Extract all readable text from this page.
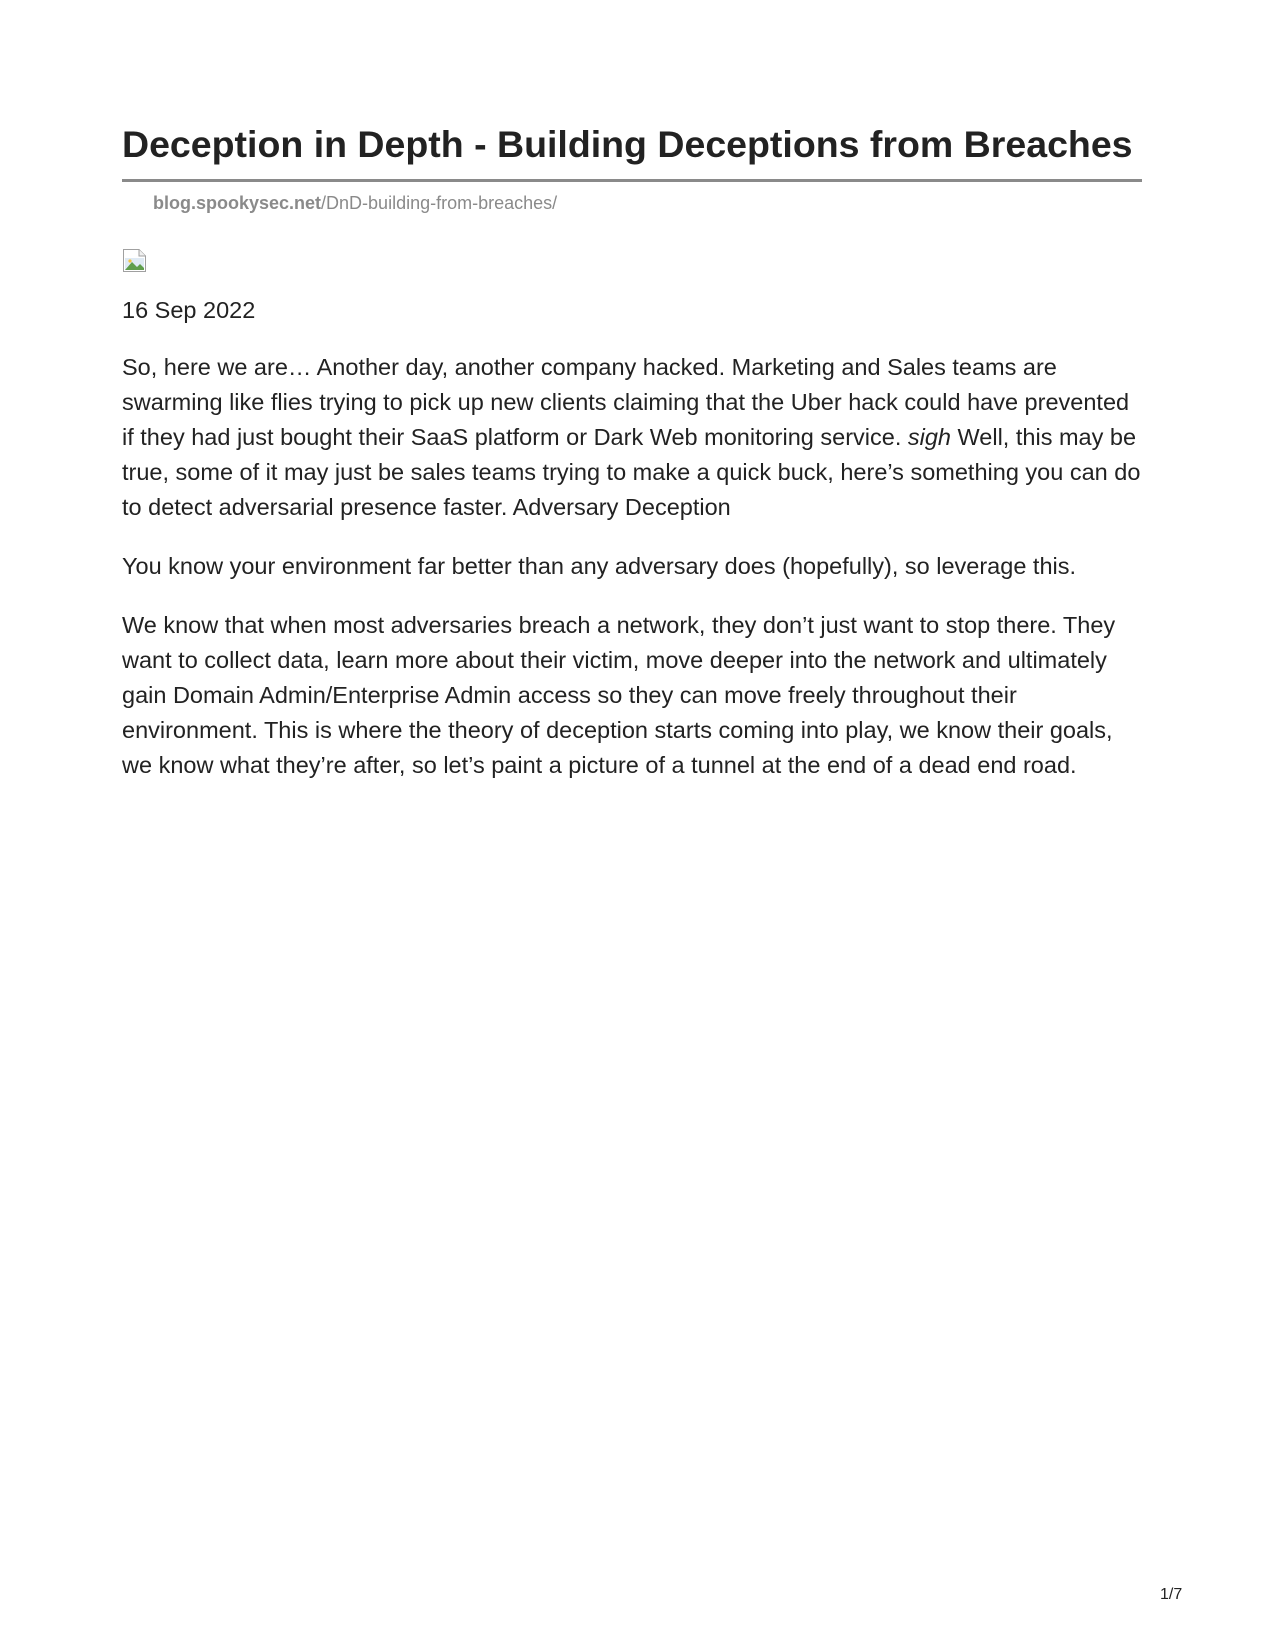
Deception in Depth - Building Deceptions from Breaches
blog.spookysec.net/DnD-building-from-breaches/
16 Sep 2022

So, here we are… Another day, another company hacked. Marketing and Sales teams are swarming like flies trying to pick up new clients claiming that the Uber hack could have prevented if they had just bought their SaaS platform or Dark Web monitoring service. sigh Well, this may be true, some of it may just be sales teams trying to make a quick buck, here’s something you can do to detect adversarial presence faster. Adversary Deception

You know your environment far better than any adversary does (hopefully), so leverage this.

We know that when most adversaries breach a network, they don’t just want to stop there. They want to collect data, learn more about their victim, move deeper into the network and ultimately gain Domain Admin/Enterprise Admin access so they can move freely throughout their environment. This is where the theory of deception starts coming into play, we know their goals, we know what they’re after, so let’s paint a picture of a tunnel at the end of a dead end road.

1/7
